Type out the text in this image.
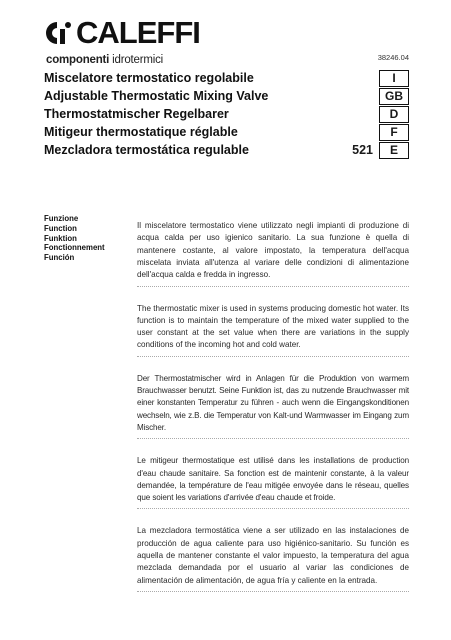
CALEFFI
componenti idrotermici	38246.04
Miscelatore termostatico regolabile	I
Adjustable Thermostatic Mixing Valve	GB
Thermostatmischer Regelbarer	D
Mitigeur thermostatique réglable	F
Mezcladora termostática regulable	521	E
Funzione
Function
Funktion
Fonctionnement
Función

Il miscelatore termostatico viene utilizzato negli impianti di produzione di acqua calda per uso igienico sanitario. La sua funzione è quella di mantenere costante, al valore impostato, la temperatura dell'acqua miscelata inviata all'utenza al variare delle condizioni di alimentazione dell'acqua calda e fredda in ingresso.

The thermostatic mixer is used in systems producing domestic hot water. Its function is to maintain the temperature of the mixed water supplied to the user constant at the set value when there are variations in the supply conditions of the incoming hot and cold water.

Der Thermostatmischer wird in Anlagen für die Produktion von warmem Brauchwasser benutzt. Seine Funktion ist, das zu nutzende Brauchwasser mit einer konstanten Temperatur zu führen - auch wenn die Eingangskonditionen wechseln, wie z.B. die Temperatur von Kalt-und Warmwasser im Eingang zum Mischer.

Le mitigeur thermostatique est utilisé dans les installations de production d'eau chaude sanitaire. Sa fonction est de maintenir constante, à la valeur demandée, la température de l'eau mitigée envoyée dans le réseau, quelles que soient les variations d'arrivée d'eau chaude et froide.

La mezcladora termostática viene a ser utilizado en las instalaciones de producción de agua caliente para uso higiénico-sanitario. Su función es aquella de mantener constante el valor impuesto, la temperatura del agua mezclada demandada por el usuario al variar las condiciones de alimentación de alimentación, de agua fría y caliente en la entrada.
